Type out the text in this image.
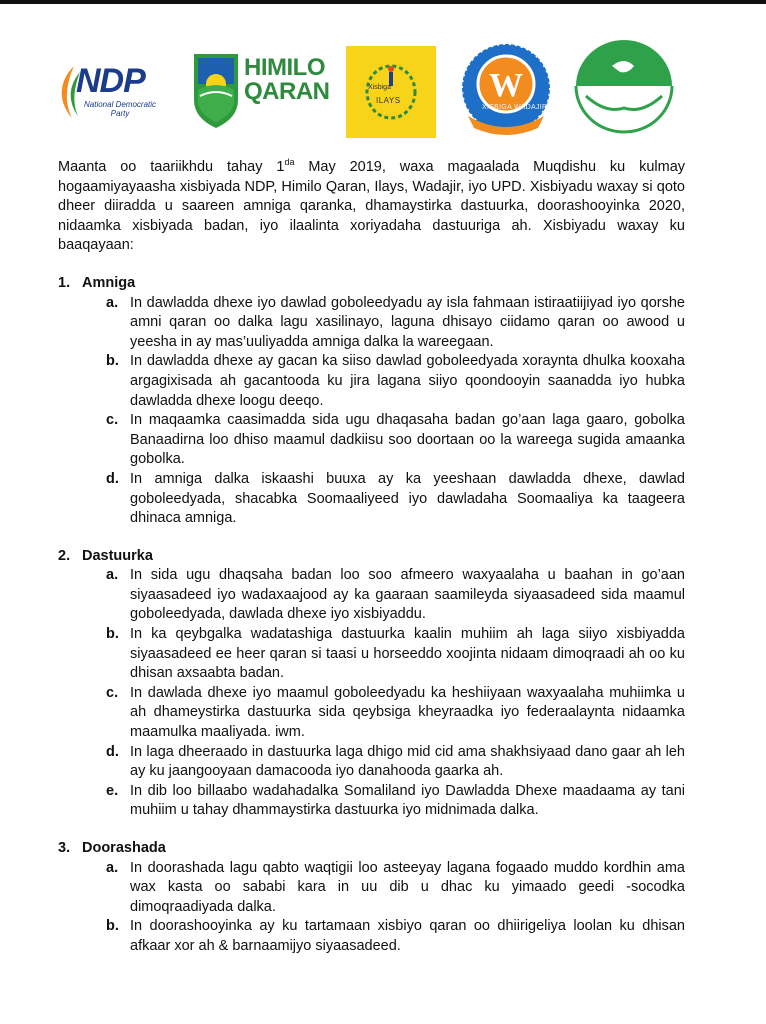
NDP
National Democratic
Party
HIMILO
QARAN	Xisbiga
ILAYS	W
XISBIGA WADAJIR

Maanta oo taariikhdu tahay $1^{da}$ May 2019, waxa magaalada Muqdishu ku kulmay hogaamiyayaasha xisbiyada NDP, Himilo Qaran, Ilays, Wadajir, iyo UPD. Xisbiyadu waxay si qoto dheer diiradda u saareen amniga qaranka, dhamaystirka dastuurka, doorashooyinka 2020, nidaamka xisbiyada badan, iyo ilaalinta xoriyadaha dastuuriga ah. Xisbiyadu waxay ku baaqayaan:

1. Amniga
a. In dawladda dhexe iyo dawlad goboleedyadu ay isla fahmaan istiraatiijiyad iyo qorshe amni qaran oo dalka lagu xasilinayo, laguna dhisayo ciidamo qaran oo awood u yeesha in ay mas’uuliyadda amniga dalka la wareegaan.
b. In dawladda dhexe ay gacan ka siiso dawlad goboleedyada xoraynta dhulka kooxaha argagixisada ah gacantooda ku jira lagana siiyo qoondooyin saanadda iyo hubka dawladda dhexe loogu deeqo.
c. In maqaamka caasimadda sida ugu dhaqasaha badan go’aan laga gaaro, gobolka Banaadirna loo dhiso maamul dadkiisu soo doortaan oo la wareega sugida amaanka gobolka.
d. In amniga dalka iskaashi buuxa ay ka yeeshaan dawladda dhexe, dawlad goboleedyada, shacabka Soomaaliyeed iyo dawladaha Soomaaliya ka taageera dhinaca amniga.
2. Dastuurka
a. In sida ugu dhaqsaha badan loo soo afmeero waxyaalaha u baahan in go’aan siyaasadeed iyo wadaxaajood ay ka gaaraan saamileyda siyaasadeed sida maamul goboleedyada, dawlada dhexe iyo xisbiyaddu.
b. In ka qeybgalka wadatashiga dastuurka kaalin muhiim ah laga siiyo xisbiyadda siyaasadeed ee heer qaran si taasi u horseeddo xoojinta nidaam dimoqraadi ah oo ku dhisan axsaabta badan.
c. In dawlada dhexe iyo maamul goboleedyadu ka heshiiyaan waxyaalaha muhiimka u ah dhameystirka dastuurka sida qeybsiga kheyraadka iyo federaalaynta nidaamka maamulka maaliyada. iwm.
d. In laga dheeraado in dastuurka laga dhigo mid cid ama shakhsiyaad dano gaar ah leh ay ku jaangooyaan damacooda iyo danahooda gaarka ah.
e. In dib loo billaabo wadahadalka Somaliland iyo Dawladda Dhexe maadaama ay tani muhiim u tahay dhammaystirka dastuurka iyo midnimada dalka.
3. Doorashada
a. In doorashada lagu qabto waqtigii loo asteeyay lagana fogaado muddo kordhin ama wax kasta oo sababi kara in uu dib u dhac ku yimaado geedi -socodka dimoqraadiyada dalka.
b. In doorashooyinka ay ku tartamaan xisbiyo qaran oo dhiirigeliya loolan ku dhisan afkaar xor ah & barnaamijyo siyaasadeed.
